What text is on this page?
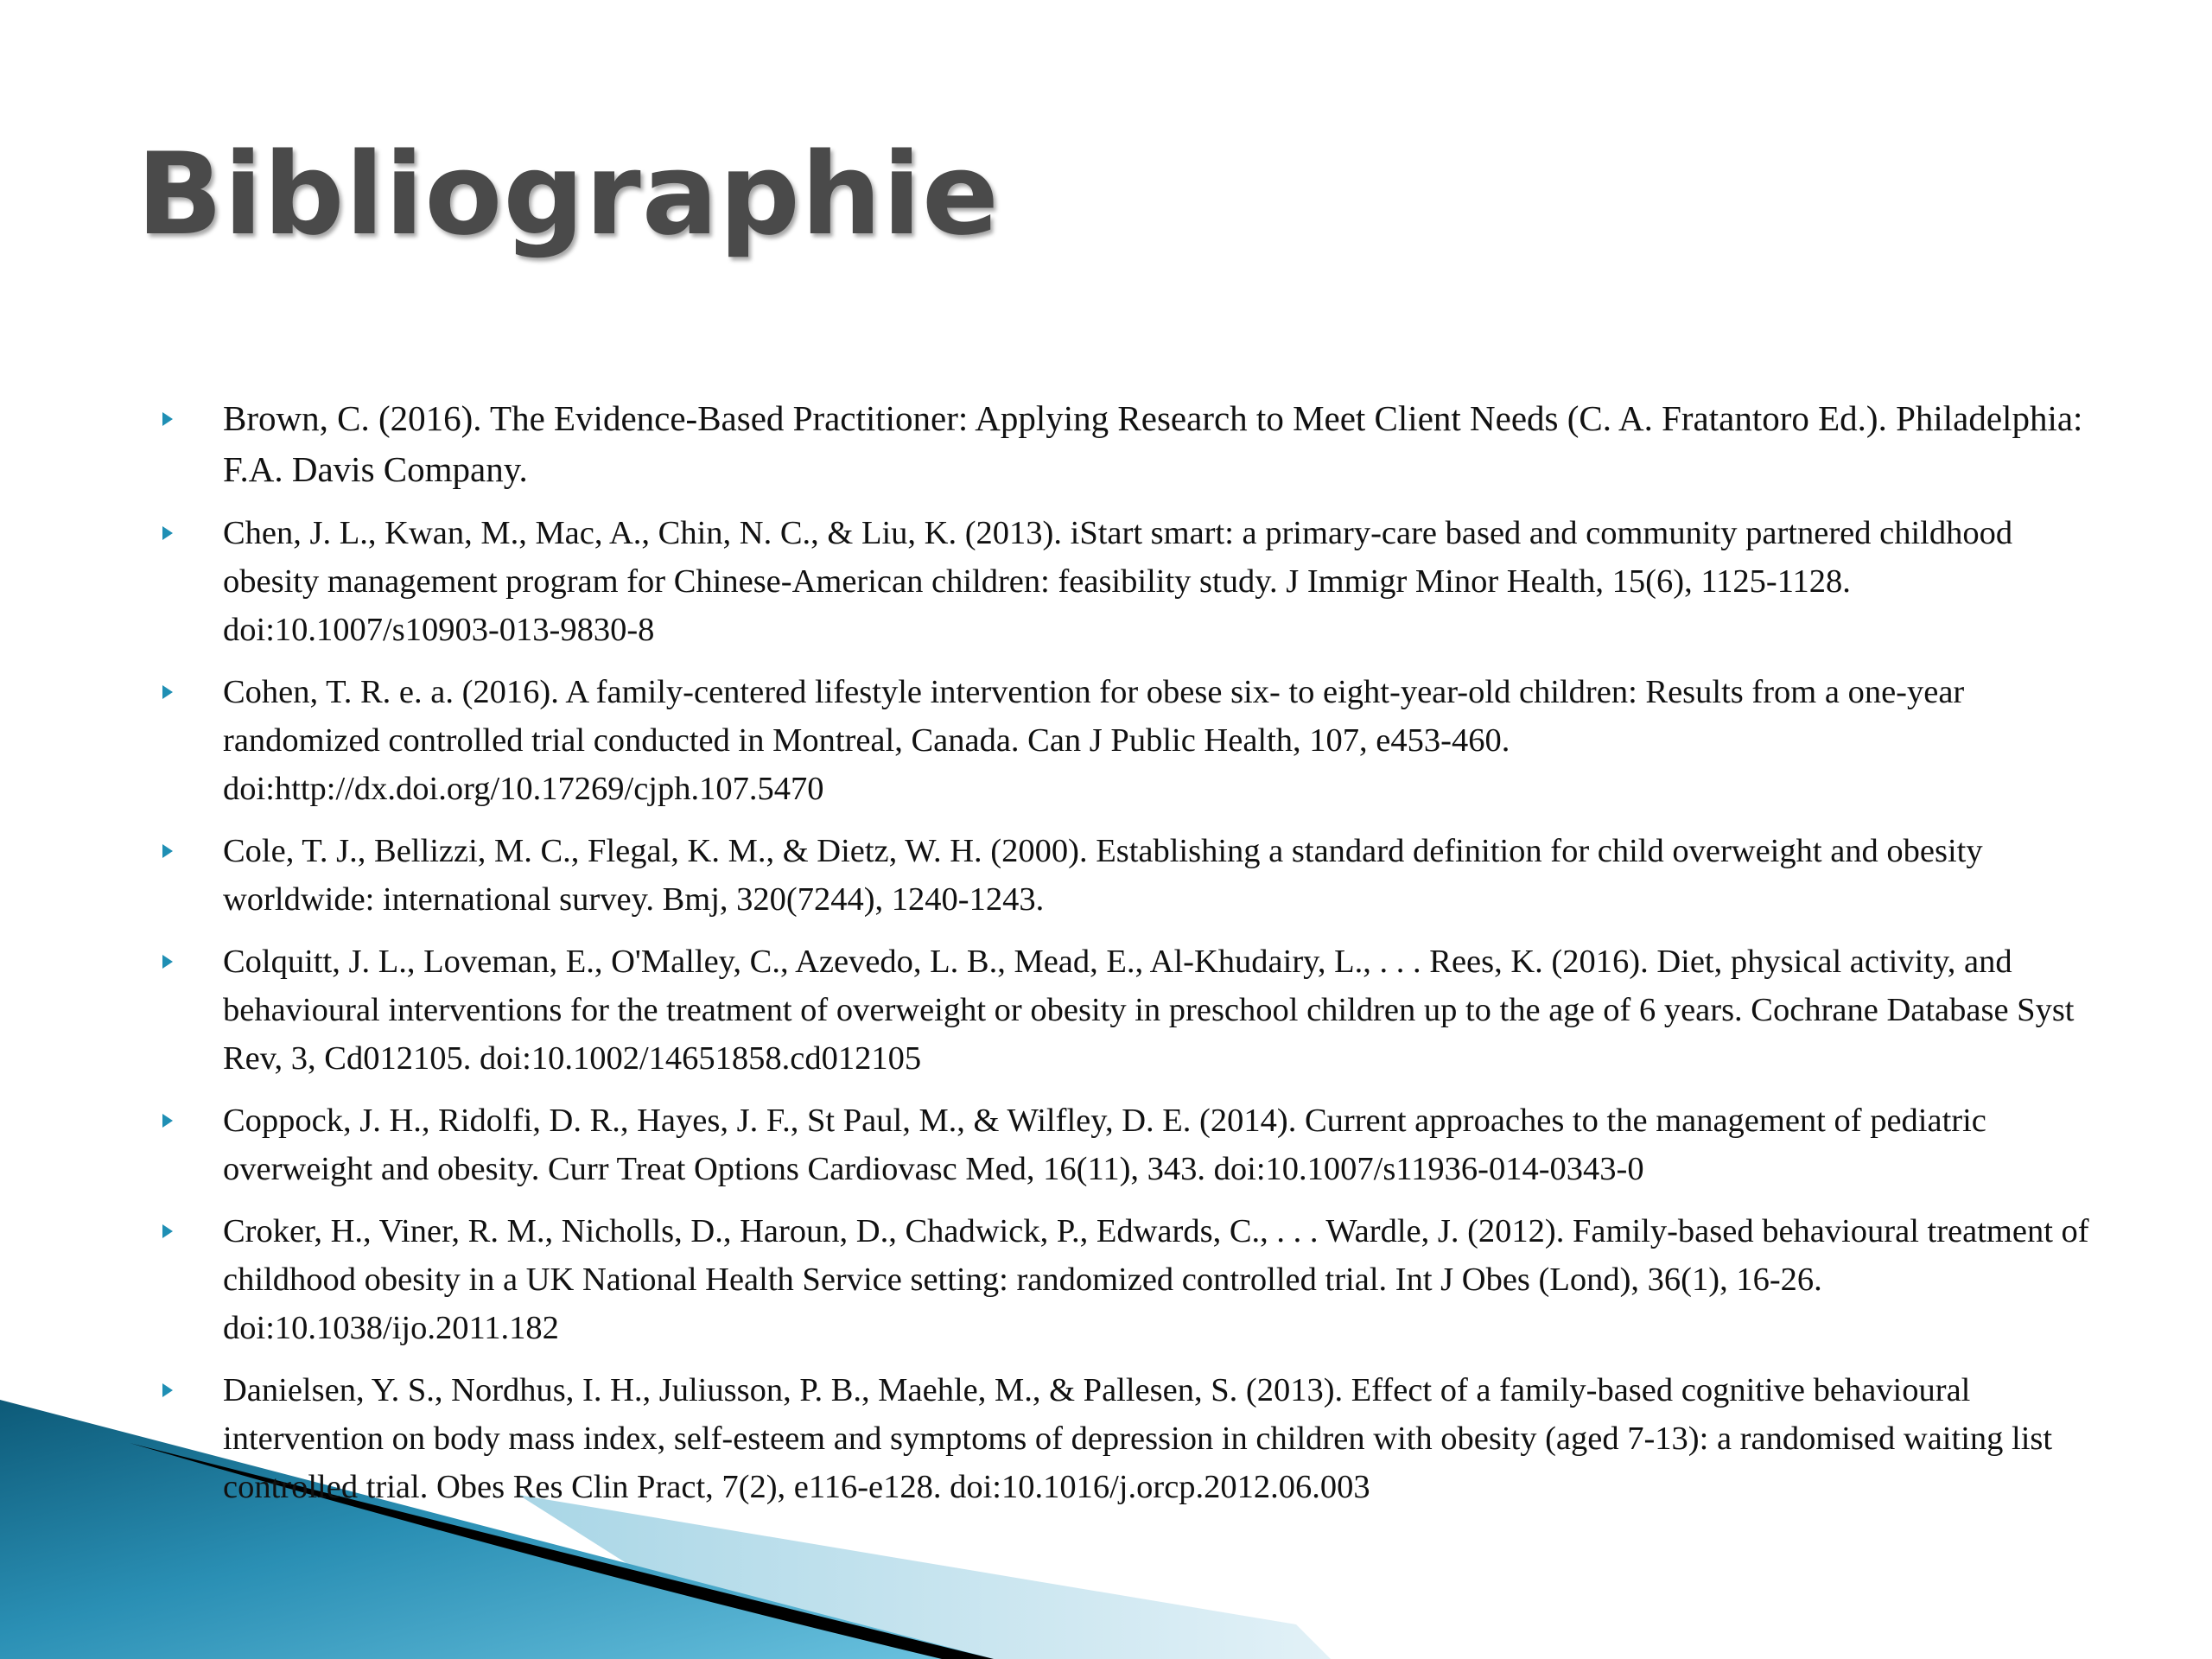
Bibliographie
Brown, C. (2016). The Evidence-Based Practitioner: Applying Research to Meet Client Needs (C. A. Fratantoro Ed.). Philadelphia: F.A. Davis Company.
Chen, J. L., Kwan, M., Mac, A., Chin, N. C., & Liu, K. (2013). iStart smart: a primary-care based and community partnered childhood obesity management program for Chinese-American children: feasibility study. J Immigr Minor Health, 15(6), 1125-1128. doi:10.1007/s10903-013-9830-8
Cohen, T. R. e. a. (2016). A family-centered lifestyle intervention for obese six- to eight-year-old children: Results from a one-year randomized controlled trial conducted in Montreal, Canada. Can J Public Health, 107, e453-460. doi:http://dx.doi.org/10.17269/cjph.107.5470
Cole, T. J., Bellizzi, M. C., Flegal, K. M., & Dietz, W. H. (2000). Establishing a standard definition for child overweight and obesity worldwide: international survey. Bmj, 320(7244), 1240-1243.
Colquitt, J. L., Loveman, E., O'Malley, C., Azevedo, L. B., Mead, E., Al-Khudairy, L., . . . Rees, K. (2016). Diet, physical activity, and behavioural interventions for the treatment of overweight or obesity in preschool children up to the age of 6 years. Cochrane Database Syst Rev, 3, Cd012105. doi:10.1002/14651858.cd012105
Coppock, J. H., Ridolfi, D. R., Hayes, J. F., St Paul, M., & Wilfley, D. E. (2014). Current approaches to the management of pediatric overweight and obesity. Curr Treat Options Cardiovasc Med, 16(11), 343. doi:10.1007/s11936-014-0343-0
Croker, H., Viner, R. M., Nicholls, D., Haroun, D., Chadwick, P., Edwards, C., . . . Wardle, J. (2012). Family-based behavioural treatment of childhood obesity in a UK National Health Service setting: randomized controlled trial. Int J Obes (Lond), 36(1), 16-26. doi:10.1038/ijo.2011.182
Danielsen, Y. S., Nordhus, I. H., Juliusson, P. B., Maehle, M., & Pallesen, S. (2013). Effect of a family-based cognitive behavioural intervention on body mass index, self-esteem and symptoms of depression in children with obesity (aged 7-13): a randomised waiting list controlled trial. Obes Res Clin Pract, 7(2), e116-e128. doi:10.1016/j.orcp.2012.06.003
